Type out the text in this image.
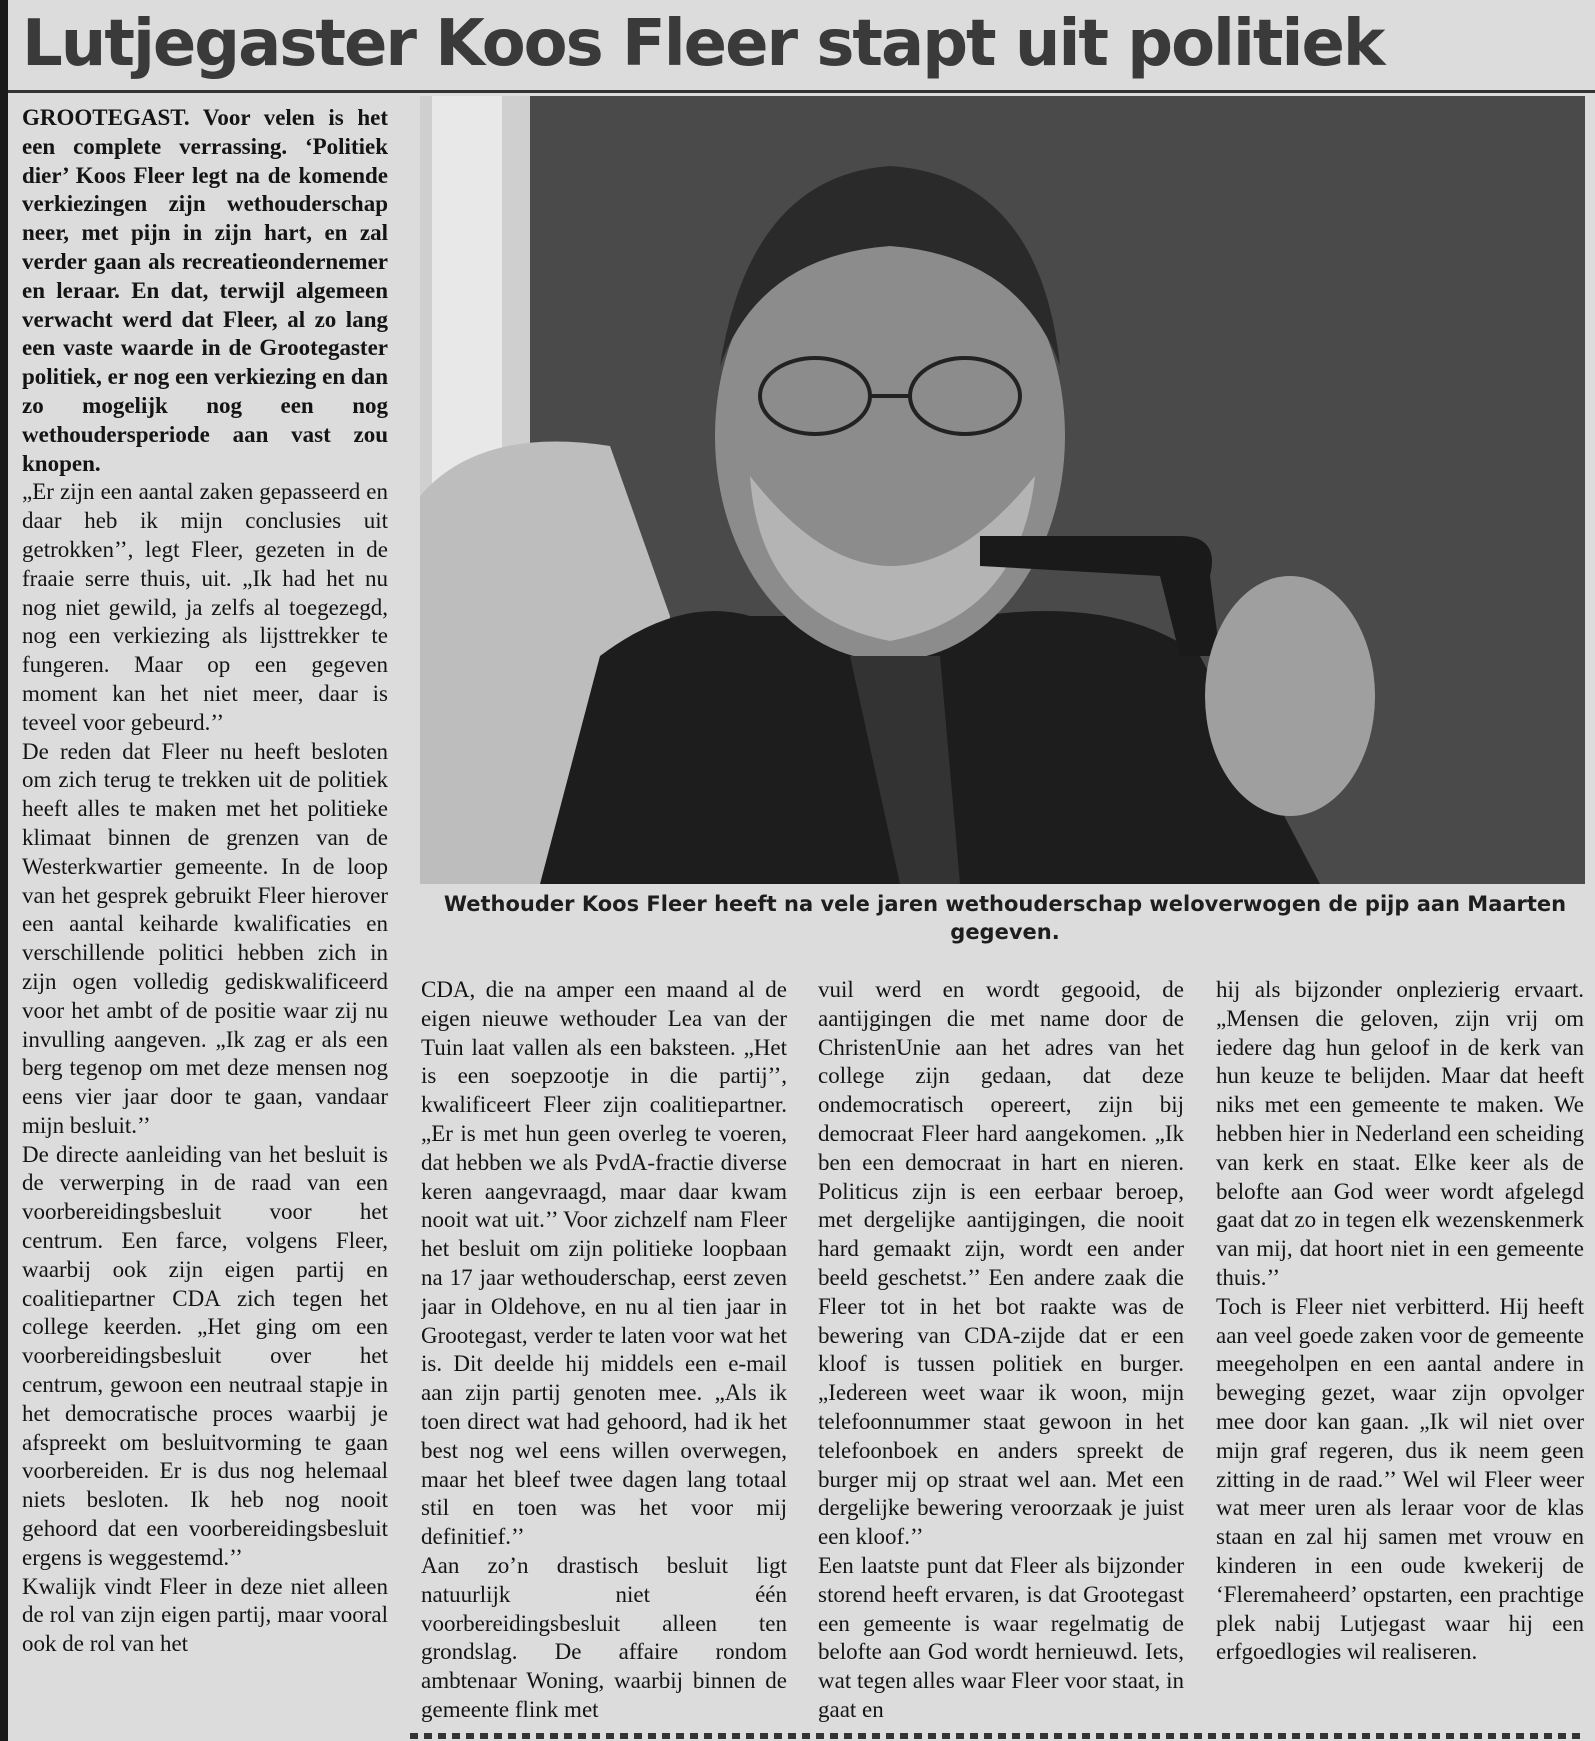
Lutjegaster Koos Fleer stapt uit politiek
Wethouder Koos Fleer heeft na vele jaren wethouderschap weloverwogen de pijp aan Maarten gegeven.

GROOTEGAST. Voor velen is het een complete verrassing. ‘Politiek dier’ Koos Fleer legt na de komende verkiezingen zijn wethouderschap neer, met pijn in zijn hart, en zal verder gaan als recreatieondernemer en leraar. En dat, terwijl algemeen verwacht werd dat Fleer, al zo lang een vaste waarde in de Grootegaster politiek, er nog een verkiezing en dan zo mogelijk nog een nog wethoudersperiode aan vast zou knopen.

„Er zijn een aantal zaken gepasseerd en daar heb ik mijn conclusies uit getrokken’’, legt Fleer, gezeten in de fraaie serre thuis, uit. „Ik had het nu nog niet gewild, ja zelfs al toegezegd, nog een verkiezing als lijsttrekker te fungeren. Maar op een gegeven moment kan het niet meer, daar is teveel voor gebeurd.’’

De reden dat Fleer nu heeft besloten om zich terug te trekken uit de politiek heeft alles te maken met het politieke klimaat binnen de grenzen van de Westerkwartier gemeente. In de loop van het gesprek gebruikt Fleer hierover een aantal keiharde kwalificaties en verschillende politici hebben zich in zijn ogen volledig gediskwalificeerd voor het ambt of de positie waar zij nu invulling aangeven. „Ik zag er als een berg tegenop om met deze mensen nog eens vier jaar door te gaan, vandaar mijn besluit.’’

De directe aanleiding van het besluit is de verwerping in de raad van een voorbereidingsbesluit voor het centrum. Een farce, volgens Fleer, waarbij ook zijn eigen partij en coalitiepartner CDA zich tegen het college keerden. „Het ging om een voorbereidingsbesluit over het centrum, gewoon een neutraal stapje in het democratische proces waarbij je afspreekt om besluitvorming te gaan voorbereiden. Er is dus nog helemaal niets besloten. Ik heb nog nooit gehoord dat een voorbereidingsbesluit ergens is weggestemd.’’

Kwalijk vindt Fleer in deze niet alleen de rol van zijn eigen partij, maar vooral ook de rol van het

CDA, die na amper een maand al de eigen nieuwe wethouder Lea van der Tuin laat vallen als een baksteen. „Het is een soepzootje in die partij’’, kwalificeert Fleer zijn coalitiepartner. „Er is met hun geen overleg te voeren, dat hebben we als PvdA-fractie diverse keren aangevraagd, maar daar kwam nooit wat uit.’’ Voor zichzelf nam Fleer het besluit om zijn politieke loopbaan na 17 jaar wethouderschap, eerst zeven jaar in Oldehove, en nu al tien jaar in Grootegast, verder te laten voor wat het is. Dit deelde hij middels een e-mail aan zijn partij genoten mee. „Als ik toen direct wat had gehoord, had ik het best nog wel eens willen overwegen, maar het bleef twee dagen lang totaal stil en toen was het voor mij definitief.’’

Aan zo’n drastisch besluit ligt natuurlijk niet één voorbereidingsbesluit alleen ten grondslag. De affaire rondom ambtenaar Woning, waarbij binnen de gemeente flink met

vuil werd en wordt gegooid, de aantijgingen die met name door de ChristenUnie aan het adres van het college zijn gedaan, dat deze ondemocratisch opereert, zijn bij democraat Fleer hard aangekomen. „Ik ben een democraat in hart en nieren. Politicus zijn is een eerbaar beroep, met dergelijke aantijgingen, die nooit hard gemaakt zijn, wordt een ander beeld geschetst.’’ Een andere zaak die Fleer tot in het bot raakte was de bewering van CDA-zijde dat er een kloof is tussen politiek en burger. „Iedereen weet waar ik woon, mijn telefoonnummer staat gewoon in het telefoonboek en anders spreekt de burger mij op straat wel aan. Met een dergelijke bewering veroorzaak je juist een kloof.’’

Een laatste punt dat Fleer als bijzonder storend heeft ervaren, is dat Grootegast een gemeente is waar regelmatig de belofte aan God wordt hernieuwd. Iets, wat tegen alles waar Fleer voor staat, in gaat en

hij als bijzonder onplezierig ervaart. „Mensen die geloven, zijn vrij om iedere dag hun geloof in de kerk van hun keuze te belijden. Maar dat heeft niks met een gemeente te maken. We hebben hier in Nederland een scheiding van kerk en staat. Elke keer als de belofte aan God weer wordt afgelegd gaat dat zo in tegen elk wezenskenmerk van mij, dat hoort niet in een gemeente thuis.’’

Toch is Fleer niet verbitterd. Hij heeft aan veel goede zaken voor de gemeente meegeholpen en een aantal andere in beweging gezet, waar zijn opvolger mee door kan gaan. „Ik wil niet over mijn graf regeren, dus ik neem geen zitting in de raad.’’ Wel wil Fleer weer wat meer uren als leraar voor de klas staan en zal hij samen met vrouw en kinderen in een oude kwekerij de ‘Fleremaheerd’ opstarten, een prachtige plek nabij Lutjegast waar hij een erfgoedlogies wil realiseren.
